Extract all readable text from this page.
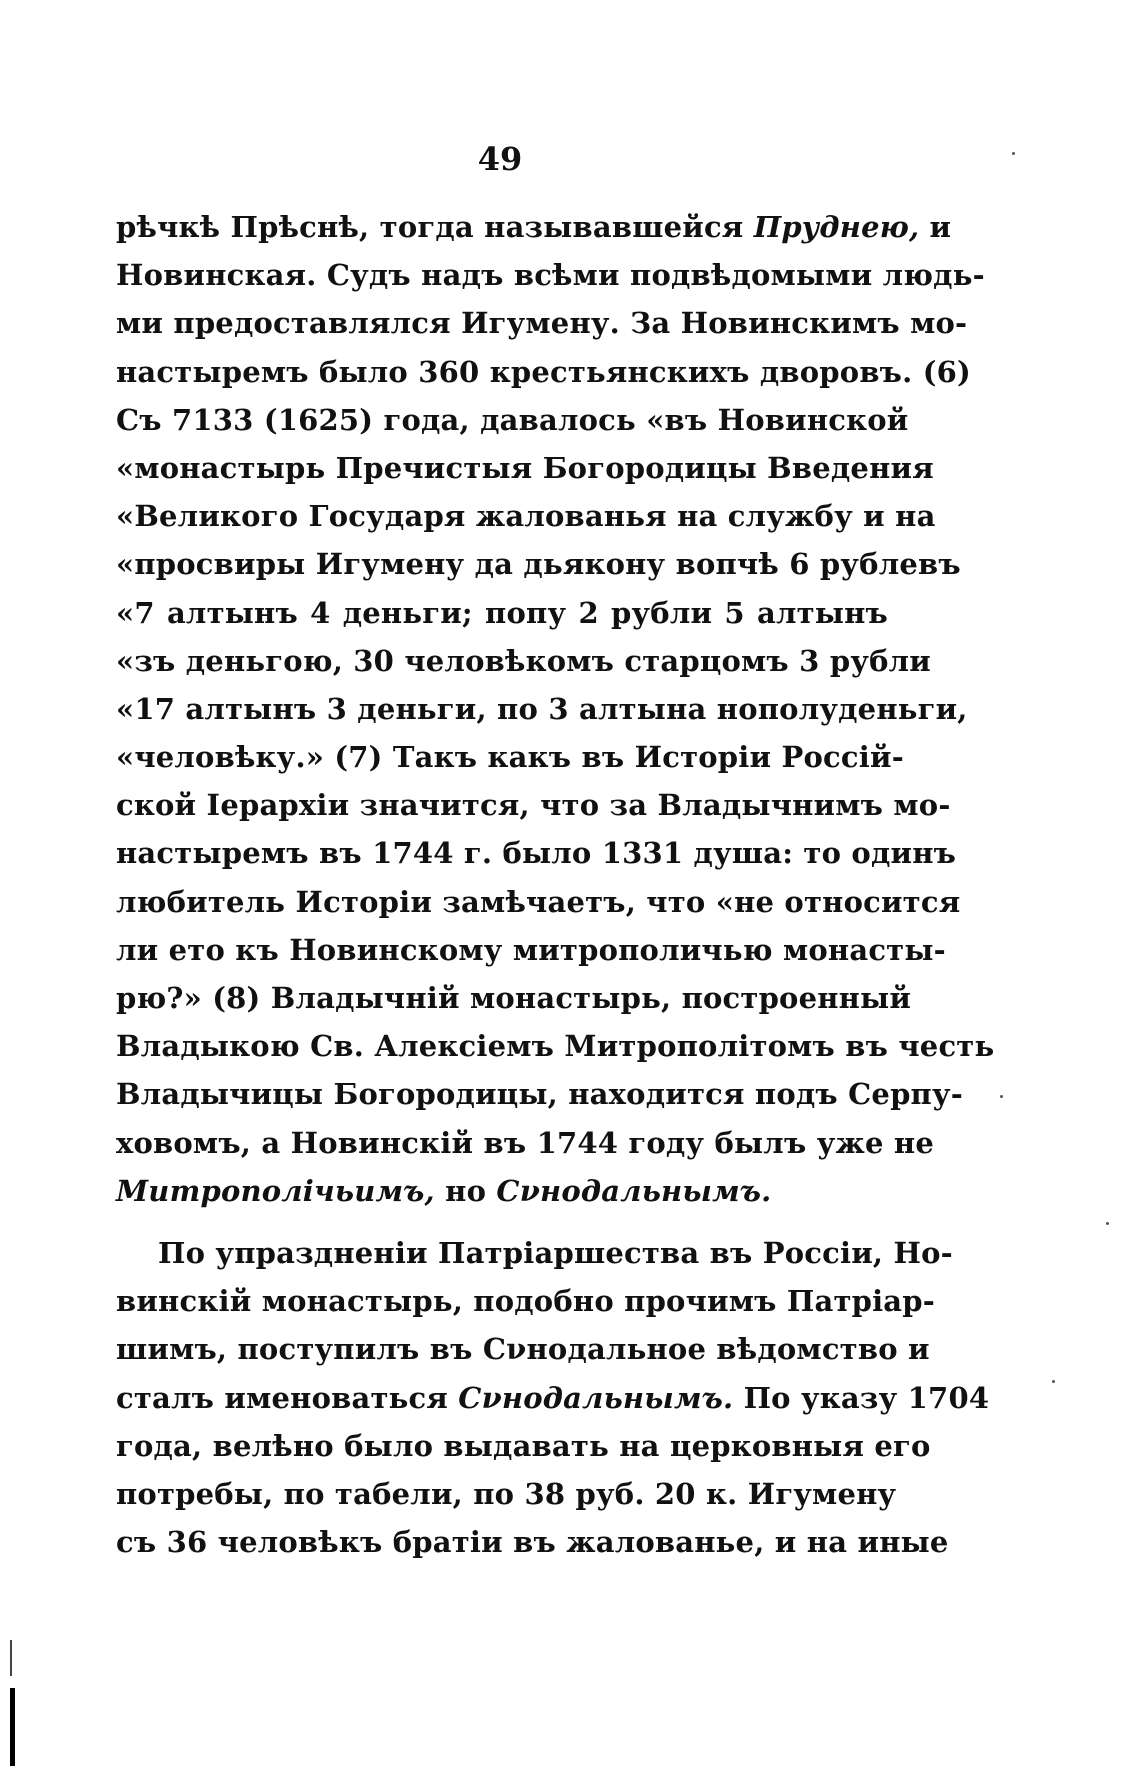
49
рѣчкѣ Прѣснѣ, тогда называвшейся Пруднею, и
Новинская. Судъ надъ всѣми подвѣдомыми людь-
ми предоставлялся Игумену. За Новинскимъ мо-
настыремъ было 360 крестьянскихъ дворовъ. (6)
Съ 7133 (1625) года, давалось «въ Новинской
«монастырь Пречистыя Богородицы Введения
«Великого Государя жалованья на службу и на
«просвиры Игумену да дьякону вопчѣ 6 рублевъ
«7 алтынъ 4 деньги; попу 2 рубли 5 алтынъ
«зъ деньгою, 30 человѣкомъ старцомъ 3 рубли
«17 алтынъ 3 деньги, по 3 алтына нополуденьги,
«человѣку.» (7) Такъ какъ въ Исторіи Россій-
ской Іерархіи значится, что за Владычнимъ мо-
настыремъ въ 1744 г. было 1331 душа: то одинъ
любитель Исторіи замѣчаетъ, что «не относится
ли ето къ Новинскому митрополичью монасты-
рю?» (8) Владычній монастырь, построенный
Владыкою Св. Алексіемъ Митрополітомъ въ честь
Владычицы Богородицы, находится подъ Серпу-
ховомъ, а Новинскій въ 1744 году былъ уже не
Митрополічьимъ, но Сνнодальнымъ.
По упраздненіи Патріаршества въ Россіи, Но-
винскій монастырь, подобно прочимъ Патріар-
шимъ, поступилъ въ Сνнодальное вѣдомство и
сталъ именоваться Сνнодальнымъ. По указу 1704
года, велѣно было выдавать на церковныя его
потребы, по табели, по 38 руб. 20 к. Игумену
съ 36 человѣкъ братіи въ жалованье, и на иные
